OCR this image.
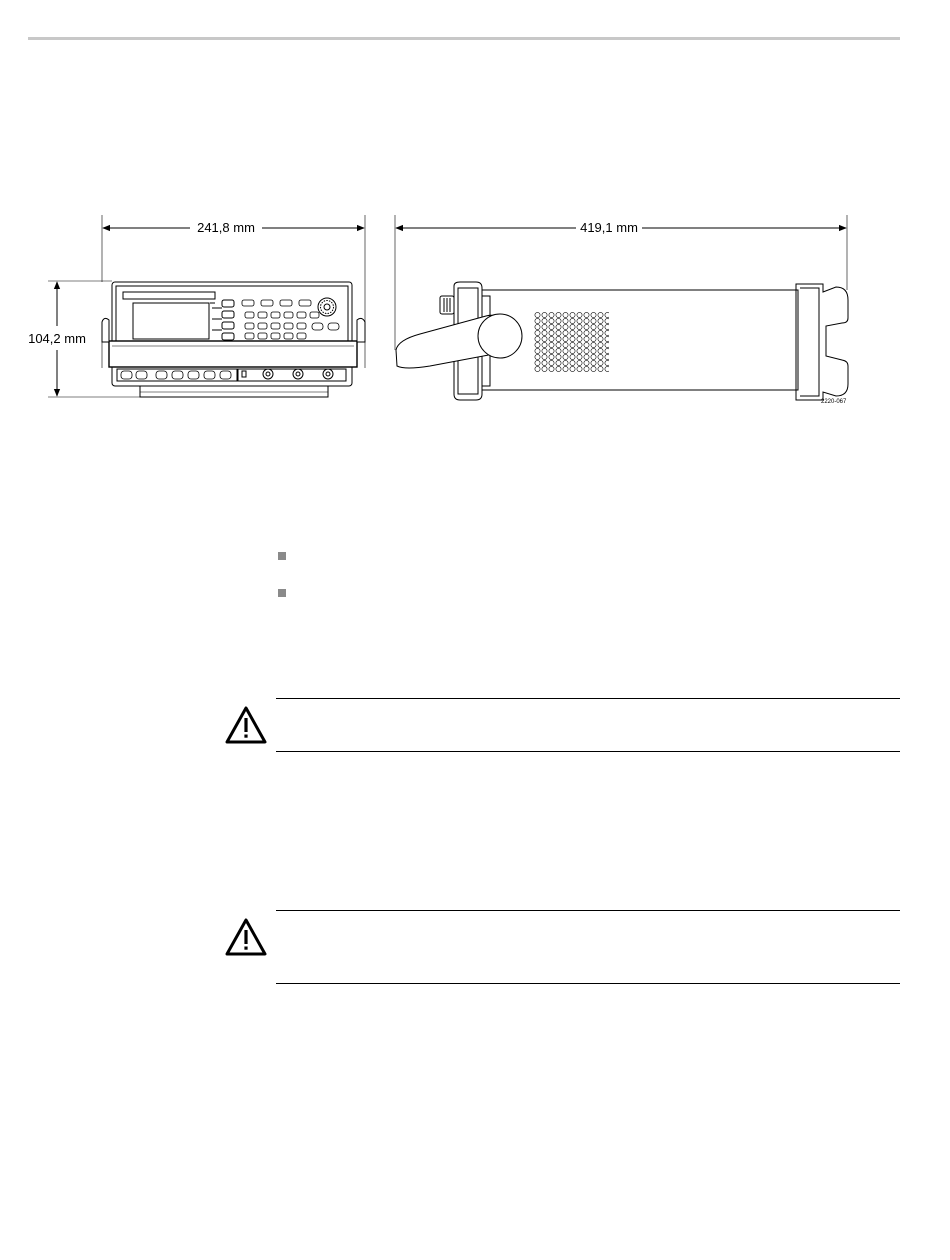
241,8 mm
104,2 mm
419,1 mm
2220-067
